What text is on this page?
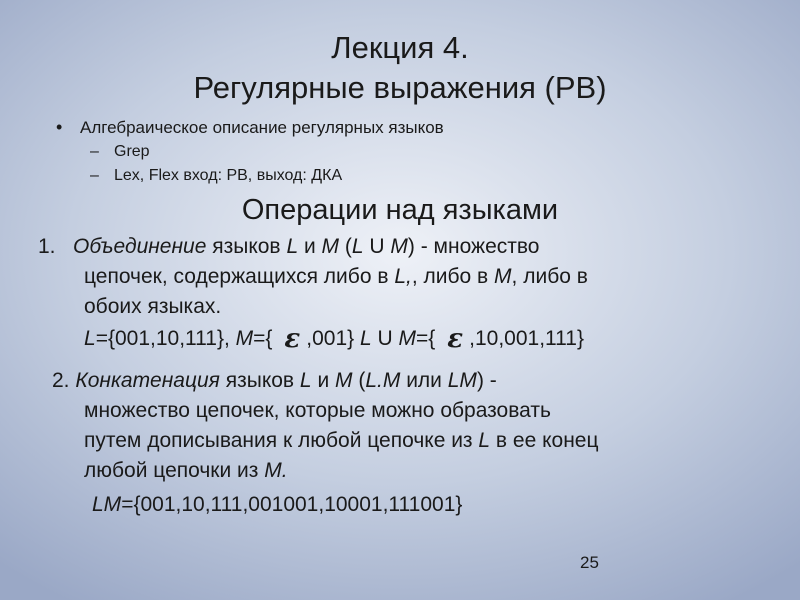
Лекция 4.
Регулярные выражения (РВ)
• Алгебраическое описание регулярных языков
– Grep
– Lex, Flex вход: РВ, выход: ДКА
Операции над языками
1. Объединение языков L и M (L U M) - множество
цепочек, содержащихся либо в L,, либо в M, либо в
обоих языках.
L={001,10,111}, M={ ε ,001} L U M={ ε ,10,001,111}
2. Конкатенация языков L и M (L.M или LM) -
множество цепочек, которые можно образовать
путем дописывания к любой цепочке из L в ее конец
любой цепочки из M.
LM={001,10,111,001001,10001,111001}
25
